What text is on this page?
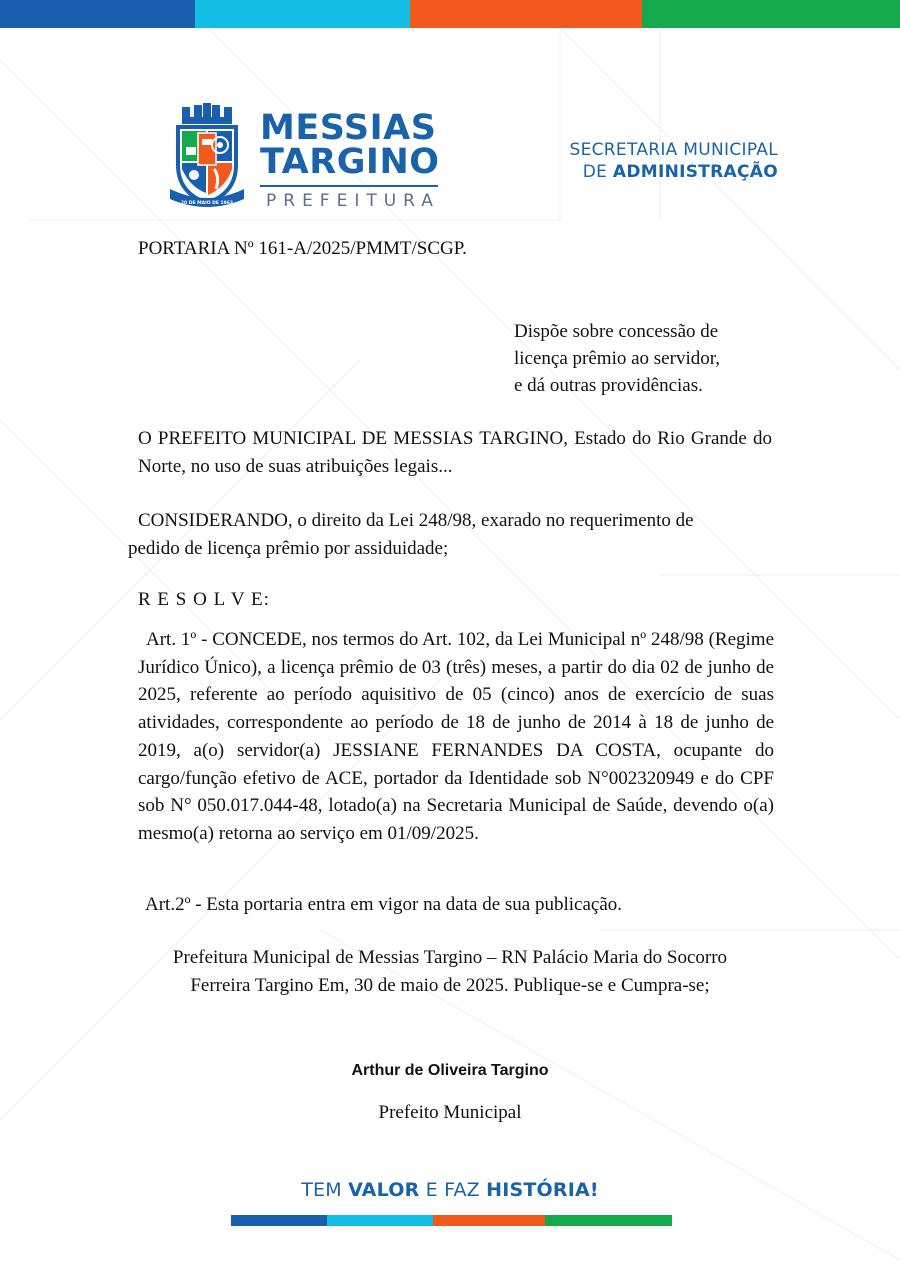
20 DE MAIO DE 1963
MESSIAS
TARGINO
PREFEITURA
SECRETARIA MUNICIPAL
DE ADMINISTRAÇÃO
PORTARIA Nº 161-A/2025/PMMT/SCGP.
Dispõe sobre concessão de
licença prêmio ao servidor,
e dá outras providências.
O PREFEITO MUNICIPAL DE MESSIAS TARGINO, Estado do Rio Grande do Norte, no uso de suas atribuições legais...
CONSIDERANDO, o direito da Lei 248/98, exarado no requerimento de
pedido de licença prêmio por assiduidade;
R E S O L V E:
Art. 1º - CONCEDE, nos termos do Art. 102, da Lei Municipal nº 248/98 (Regime Jurídico Único), a licença prêmio de 03 (três) meses, a partir do dia 02 de junho de 2025, referente ao período aquisitivo de 05 (cinco) anos de exercício de suas atividades, correspondente ao período de 18 de junho de 2014 à 18 de junho de 2019, a(o) servidor(a) JESSIANE FERNANDES DA COSTA, ocupante do cargo/função efetivo de ACE, portador da Identidade sob N°002320949 e do CPF sob N° 050.017.044-48, lotado(a) na Secretaria Municipal de Saúde, devendo o(a) mesmo(a) retorna ao serviço em 01/09/2025.
Art.2º - Esta portaria entra em vigor na data de sua publicação.
Prefeitura Municipal de Messias Targino – RN Palácio Maria do Socorro
Ferreira Targino Em, 30 de maio de 2025. Publique-se e Cumpra-se;
Arthur de Oliveira Targino
Prefeito Municipal
TEM VALOR E FAZ HISTÓRIA!
